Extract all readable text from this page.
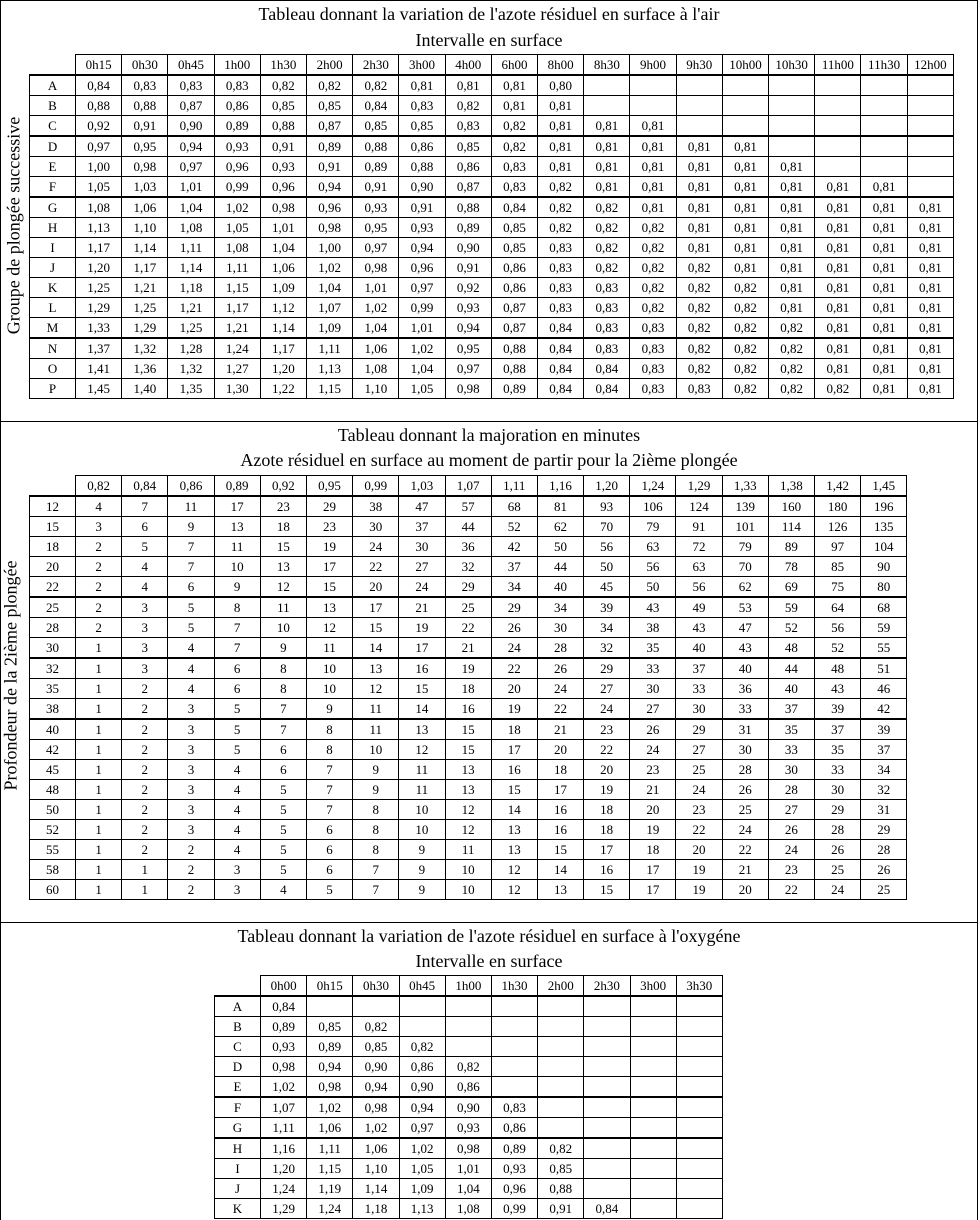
Tableau donnant la variation de l'azote résiduel en surface à l'air
Intervalle en surface
Groupe de plongée successive
	0h15	0h30	0h45	1h00	1h30	2h00	2h30	3h00	4h00	6h00	8h00	8h30	9h00	9h30	10h00	10h30	11h00	11h30	12h00
A	0,84	0,83	0,83	0,83	0,82	0,82	0,82	0,81	0,81	0,81	0,80								
B	0,88	0,88	0,87	0,86	0,85	0,85	0,84	0,83	0,82	0,81	0,81								
C	0,92	0,91	0,90	0,89	0,88	0,87	0,85	0,85	0,83	0,82	0,81	0,81	0,81						
D	0,97	0,95	0,94	0,93	0,91	0,89	0,88	0,86	0,85	0,82	0,81	0,81	0,81	0,81	0,81				
E	1,00	0,98	0,97	0,96	0,93	0,91	0,89	0,88	0,86	0,83	0,81	0,81	0,81	0,81	0,81	0,81			
F	1,05	1,03	1,01	0,99	0,96	0,94	0,91	0,90	0,87	0,83	0,82	0,81	0,81	0,81	0,81	0,81	0,81	0,81	
G	1,08	1,06	1,04	1,02	0,98	0,96	0,93	0,91	0,88	0,84	0,82	0,82	0,81	0,81	0,81	0,81	0,81	0,81	0,81
H	1,13	1,10	1,08	1,05	1,01	0,98	0,95	0,93	0,89	0,85	0,82	0,82	0,82	0,81	0,81	0,81	0,81	0,81	0,81
I	1,17	1,14	1,11	1,08	1,04	1,00	0,97	0,94	0,90	0,85	0,83	0,82	0,82	0,81	0,81	0,81	0,81	0,81	0,81
J	1,20	1,17	1,14	1,11	1,06	1,02	0,98	0,96	0,91	0,86	0,83	0,82	0,82	0,82	0,81	0,81	0,81	0,81	0,81
K	1,25	1,21	1,18	1,15	1,09	1,04	1,01	0,97	0,92	0,86	0,83	0,83	0,82	0,82	0,82	0,81	0,81	0,81	0,81
L	1,29	1,25	1,21	1,17	1,12	1,07	1,02	0,99	0,93	0,87	0,83	0,83	0,82	0,82	0,82	0,81	0,81	0,81	0,81
M	1,33	1,29	1,25	1,21	1,14	1,09	1,04	1,01	0,94	0,87	0,84	0,83	0,83	0,82	0,82	0,82	0,81	0,81	0,81
N	1,37	1,32	1,28	1,24	1,17	1,11	1,06	1,02	0,95	0,88	0,84	0,83	0,83	0,82	0,82	0,82	0,81	0,81	0,81
O	1,41	1,36	1,32	1,27	1,20	1,13	1,08	1,04	0,97	0,88	0,84	0,84	0,83	0,82	0,82	0,82	0,81	0,81	0,81
P	1,45	1,40	1,35	1,30	1,22	1,15	1,10	1,05	0,98	0,89	0,84	0,84	0,83	0,83	0,82	0,82	0,82	0,81	0,81
Tableau donnant la majoration en minutes
Azote résiduel en surface au moment de partir pour la 2ième plongée
Profondeur de la 2ième plongée
	0,82	0,84	0,86	0,89	0,92	0,95	0,99	1,03	1,07	1,11	1,16	1,20	1,24	1,29	1,33	1,38	1,42	1,45
12	4	7	11	17	23	29	38	47	57	68	81	93	106	124	139	160	180	196
15	3	6	9	13	18	23	30	37	44	52	62	70	79	91	101	114	126	135
18	2	5	7	11	15	19	24	30	36	42	50	56	63	72	79	89	97	104
20	2	4	7	10	13	17	22	27	32	37	44	50	56	63	70	78	85	90
22	2	4	6	9	12	15	20	24	29	34	40	45	50	56	62	69	75	80
25	2	3	5	8	11	13	17	21	25	29	34	39	43	49	53	59	64	68
28	2	3	5	7	10	12	15	19	22	26	30	34	38	43	47	52	56	59
30	1	3	4	7	9	11	14	17	21	24	28	32	35	40	43	48	52	55
32	1	3	4	6	8	10	13	16	19	22	26	29	33	37	40	44	48	51
35	1	2	4	6	8	10	12	15	18	20	24	27	30	33	36	40	43	46
38	1	2	3	5	7	9	11	14	16	19	22	24	27	30	33	37	39	42
40	1	2	3	5	7	8	11	13	15	18	21	23	26	29	31	35	37	39
42	1	2	3	5	6	8	10	12	15	17	20	22	24	27	30	33	35	37
45	1	2	3	4	6	7	9	11	13	16	18	20	23	25	28	30	33	34
48	1	2	3	4	5	7	9	11	13	15	17	19	21	24	26	28	30	32
50	1	2	3	4	5	7	8	10	12	14	16	18	20	23	25	27	29	31
52	1	2	3	4	5	6	8	10	12	13	16	18	19	22	24	26	28	29
55	1	2	2	4	5	6	8	9	11	13	15	17	18	20	22	24	26	28
58	1	1	2	3	5	6	7	9	10	12	14	16	17	19	21	23	25	26
60	1	1	2	3	4	5	7	9	10	12	13	15	17	19	20	22	24	25
Tableau donnant la variation de l'azote résiduel en surface à l'oxygéne
Intervalle en surface
	0h00	0h15	0h30	0h45	1h00	1h30	2h00	2h30	3h00	3h30
A	0,84									
B	0,89	0,85	0,82							
C	0,93	0,89	0,85	0,82						
D	0,98	0,94	0,90	0,86	0,82					
E	1,02	0,98	0,94	0,90	0,86					
F	1,07	1,02	0,98	0,94	0,90	0,83				
G	1,11	1,06	1,02	0,97	0,93	0,86				
H	1,16	1,11	1,06	1,02	0,98	0,89	0,82			
I	1,20	1,15	1,10	1,05	1,01	0,93	0,85			
J	1,24	1,19	1,14	1,09	1,04	0,96	0,88			
K	1,29	1,24	1,18	1,13	1,08	0,99	0,91	0,84		
